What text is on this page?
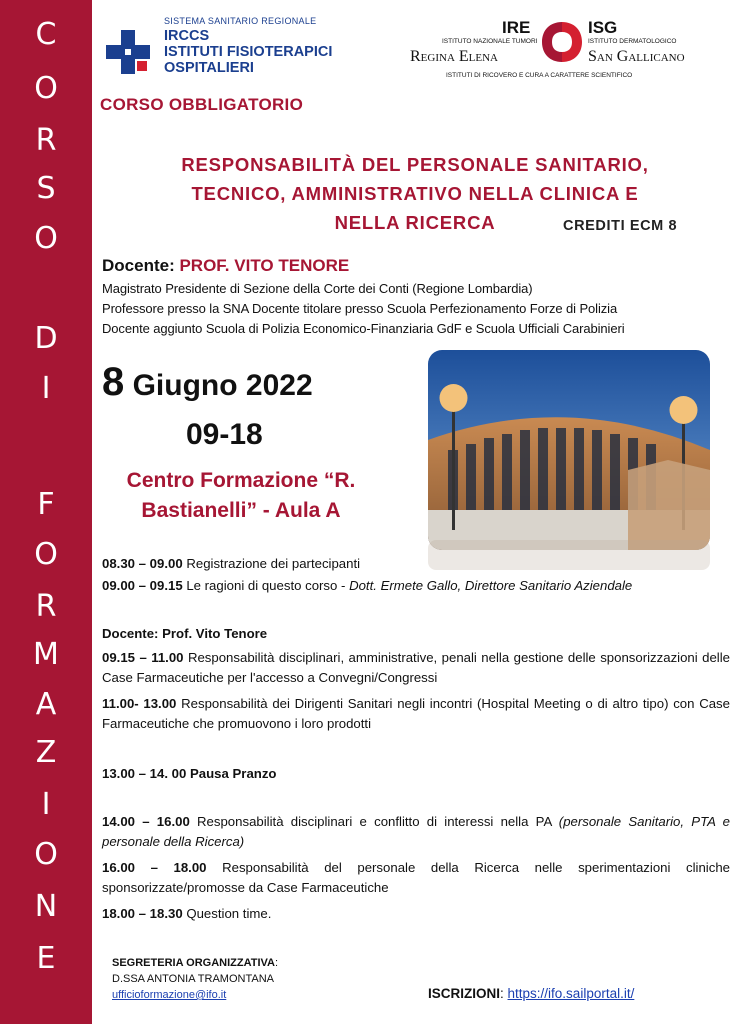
C
O
R
S
O
D
I
F
O
R
M
A
Z
I
O
N
E
SISTEMA SANITARIO REGIONALE
IRCCS
ISTITUTI FISIOTERAPICI
OSPITALIERI
IRE	ISG
ISTITUTO NAZIONALE TUMORI	ISTITUTO DERMATOLOGICO
Regina Elena	San Gallicano
ISTITUTI DI RICOVERO E CURA A CARATTERE SCIENTIFICO
CORSO OBBLIGATORIO
RESPONSABILITÀ DEL PERSONALE SANITARIO,
TECNICO, AMMINISTRATIVO NELLA CLINICA E
NELLA RICERCA	CREDITI ECM 8
Docente: PROF. VITO TENORE
Magistrato Presidente di Sezione della Corte dei Conti (Regione Lombardia)
Professore presso la SNA Docente titolare presso Scuola Perfezionamento Forze di Polizia
Docente aggiunto Scuola di Polizia Economico-Finanziaria GdF e Scuola Ufficiali Carabinieri
8 Giugno 2022
09-18
Centro Formazione “R.
Bastianelli” - Aula A
08.30 – 09.00 Registrazione dei partecipanti
09.00 – 09.15 Le ragioni di questo corso - Dott. Ermete Gallo, Direttore Sanitario Aziendale
Docente: Prof. Vito Tenore
09.15 – 11.00 Responsabilità disciplinari, amministrative, penali nella gestione delle sponsorizzazioni delle Case Farmaceutiche per l'accesso a Convegni/Congressi
11.00- 13.00 Responsabilità dei Dirigenti Sanitari negli incontri (Hospital Meeting o di altro tipo) con Case Farmaceutiche che promuovono i loro prodotti
13.00 – 14. 00 Pausa Pranzo
14.00 – 16.00 Responsabilità disciplinari e conflitto di interessi nella PA (personale Sanitario, PTA e personale della Ricerca)
16.00 – 18.00 Responsabilità del personale della Ricerca nelle sperimentazioni cliniche sponsorizzate/promosse da Case Farmaceutiche
18.00 – 18.30 Question time.
SEGRETERIA ORGANIZZATIVA:
D.SSA ANTONIA TRAMONTANA
ufficioformazione@ifo.it	ISCRIZIONI: https://ifo.sailportal.it/
